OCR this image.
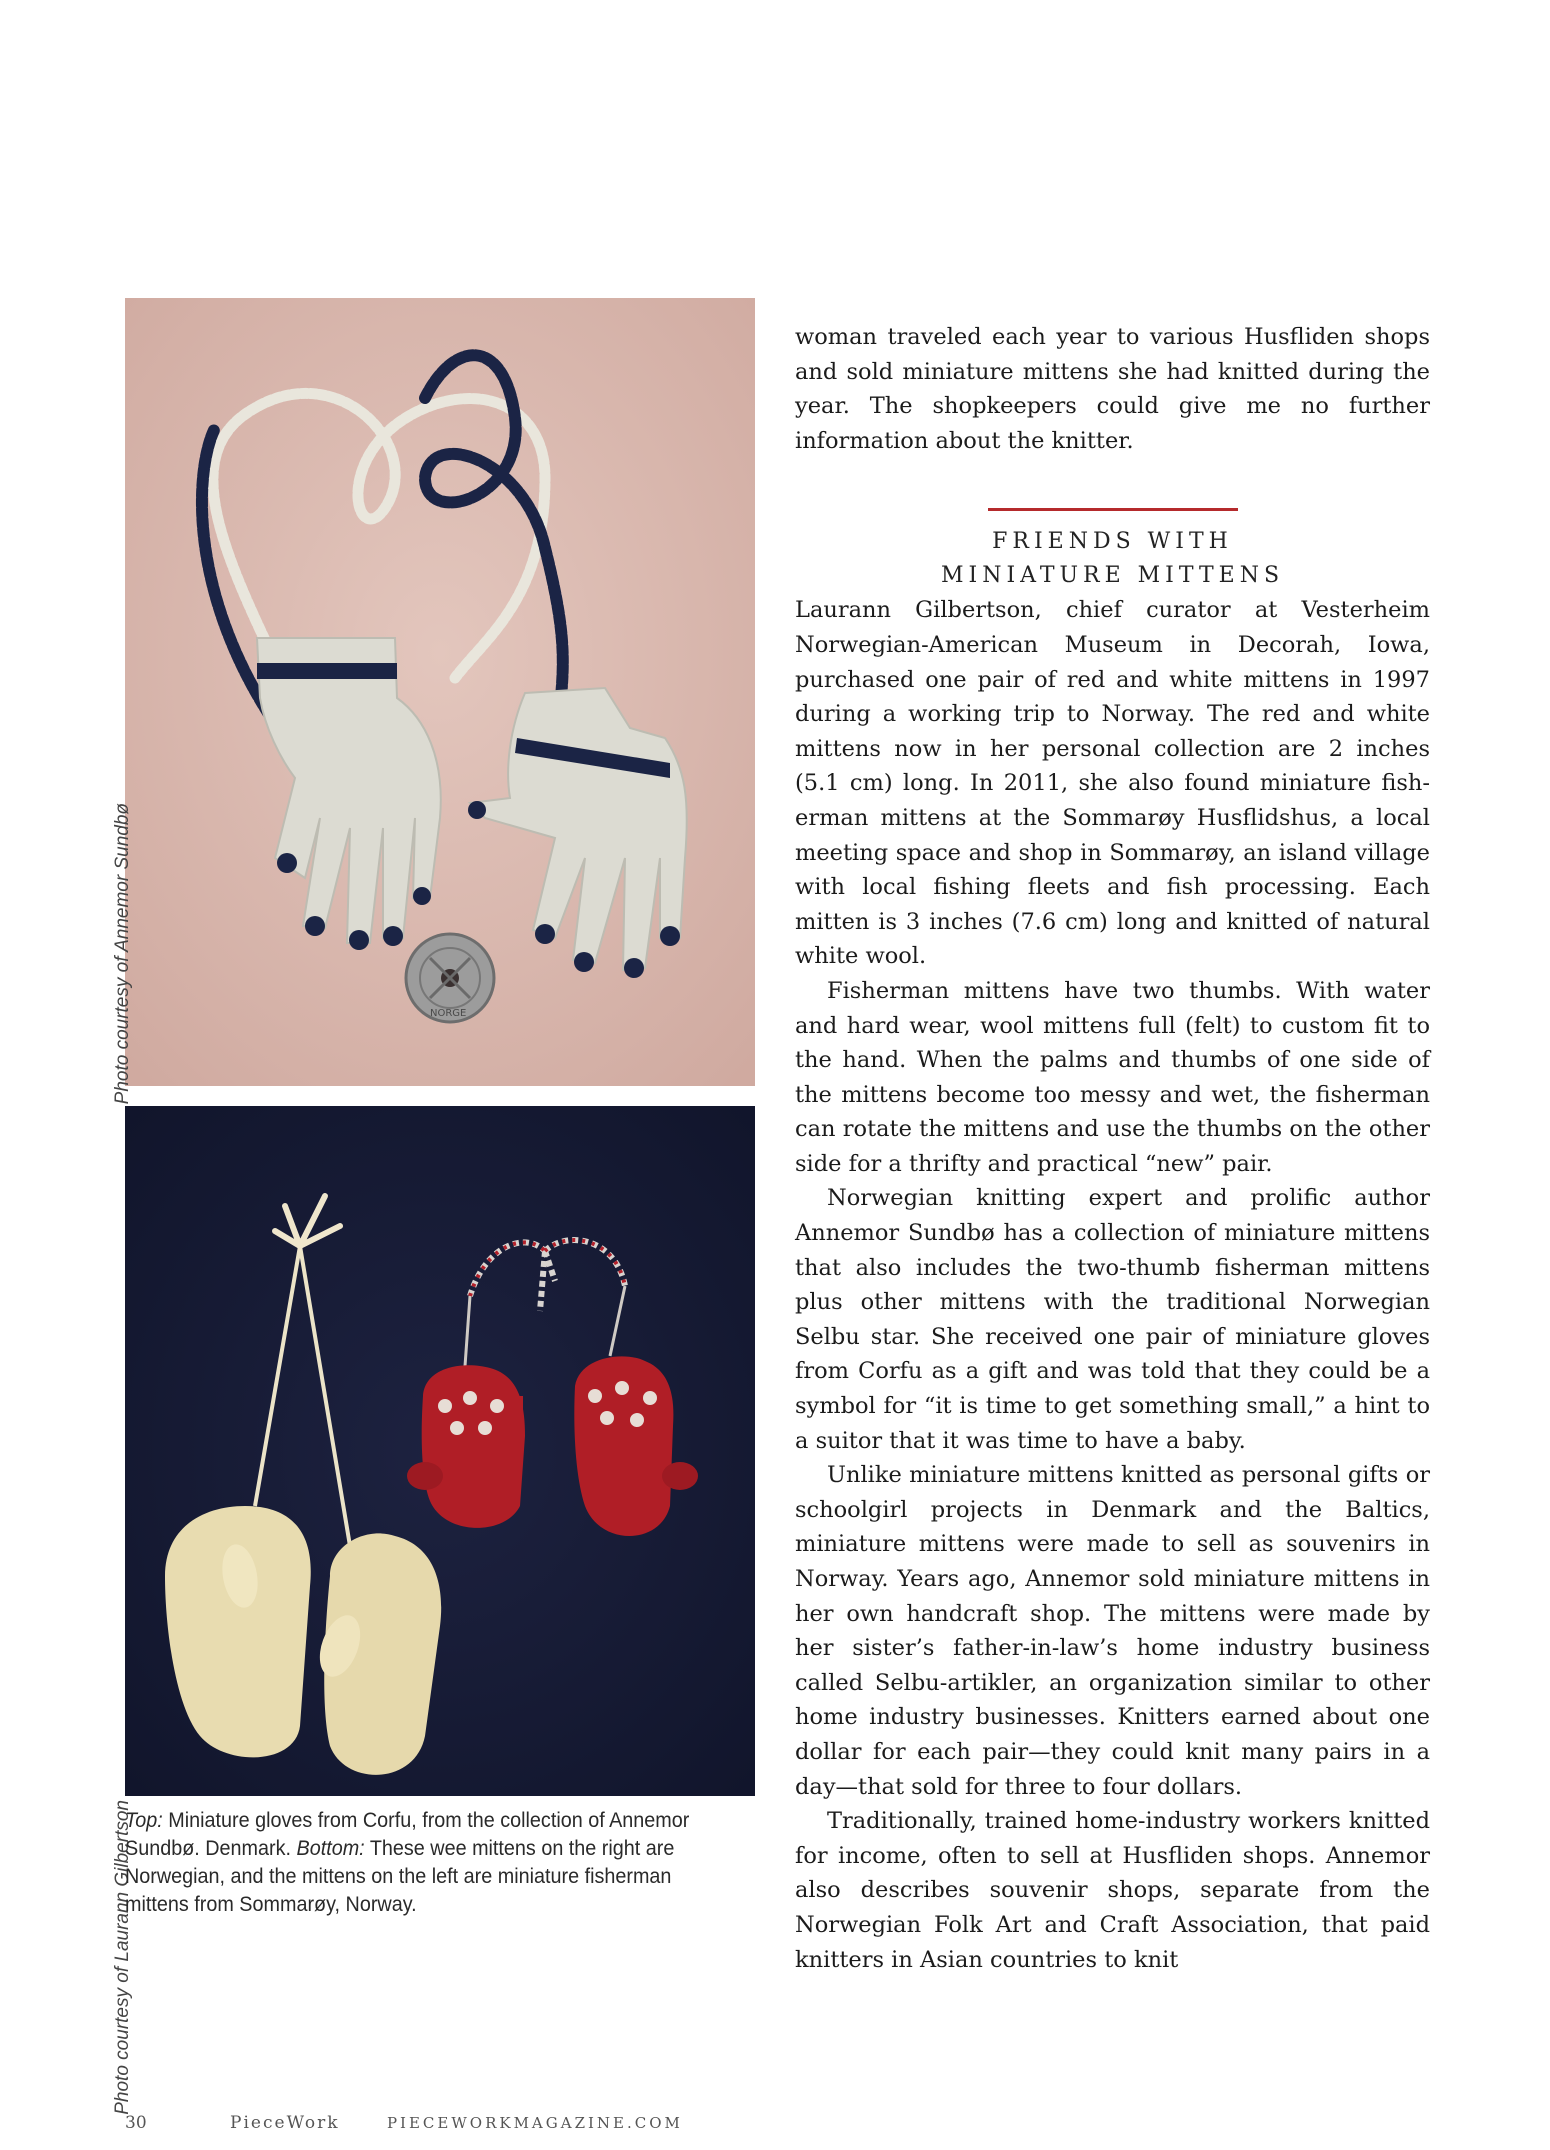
NORGE
Photo courtesy of Annemor Sundbø
Photo courtesy of Laurann Gilbertson
Top: Miniature gloves from Corfu, from the collection of Annemor Sundbø. Denmark. Bottom: These wee mittens on the right are Norwegian, and the mittens on the left are miniature fisherman mittens from Sommarøy, Norway.

woman traveled each year to various Husfliden shops and sold miniature mittens she had knitted during the year. The shopkeepers could give me no further information about the knitter.

FRIENDS WITH
MINIATURE MITTENS

Laurann Gilbertson, chief curator at Vesterheim Norwegian-American Museum in Decorah, Iowa, purchased one pair of red and white mittens in 1997 during a working trip to Norway. The red and white mittens now in her personal collection are 2 inches (5.1 cm) long. In 2011, she also found miniature fisherman mittens at the Sommarøy Husflidshus, a local meeting space and shop in Sommarøy, an island village with local fishing fleets and fish processing. Each mitten is 3 inches (7.6 cm) long and knitted of natural white wool.

Fisherman mittens have two thumbs. With water and hard wear, wool mittens full (felt) to custom fit to the hand. When the palms and thumbs of one side of the mittens become too messy and wet, the fisherman can rotate the mittens and use the thumbs on the other side for a thrifty and practical “new” pair.

Norwegian knitting expert and prolific author Annemor Sundbø has a collection of miniature mittens that also includes the two-thumb fisherman mittens plus other mittens with the traditional Norwegian Selbu star. She received one pair of miniature gloves from Corfu as a gift and was told that they could be a symbol for “it is time to get something small,” a hint to a suitor that it was time to have a baby.

Unlike miniature mittens knitted as personal gifts or schoolgirl projects in Denmark and the Baltics, miniature mittens were made to sell as souvenirs in Norway. Years ago, Annemor sold miniature mittens in her own handcraft shop. The mittens were made by her sister’s father-in-law’s home industry business called Selbu-artikler, an organization similar to other home industry businesses. Knitters earned about one dollar for each pair—they could knit many pairs in a day—that sold for three to four dollars.

Traditionally, trained home-industry workers knitted for income, often to sell at Husfliden shops. Annemor also describes souvenir shops, separate from the Norwegian Folk Art and Craft Association, that paid knitters in Asian countries to knit

30	PieceWork	PIECEWORKMAGAZINE.COM
